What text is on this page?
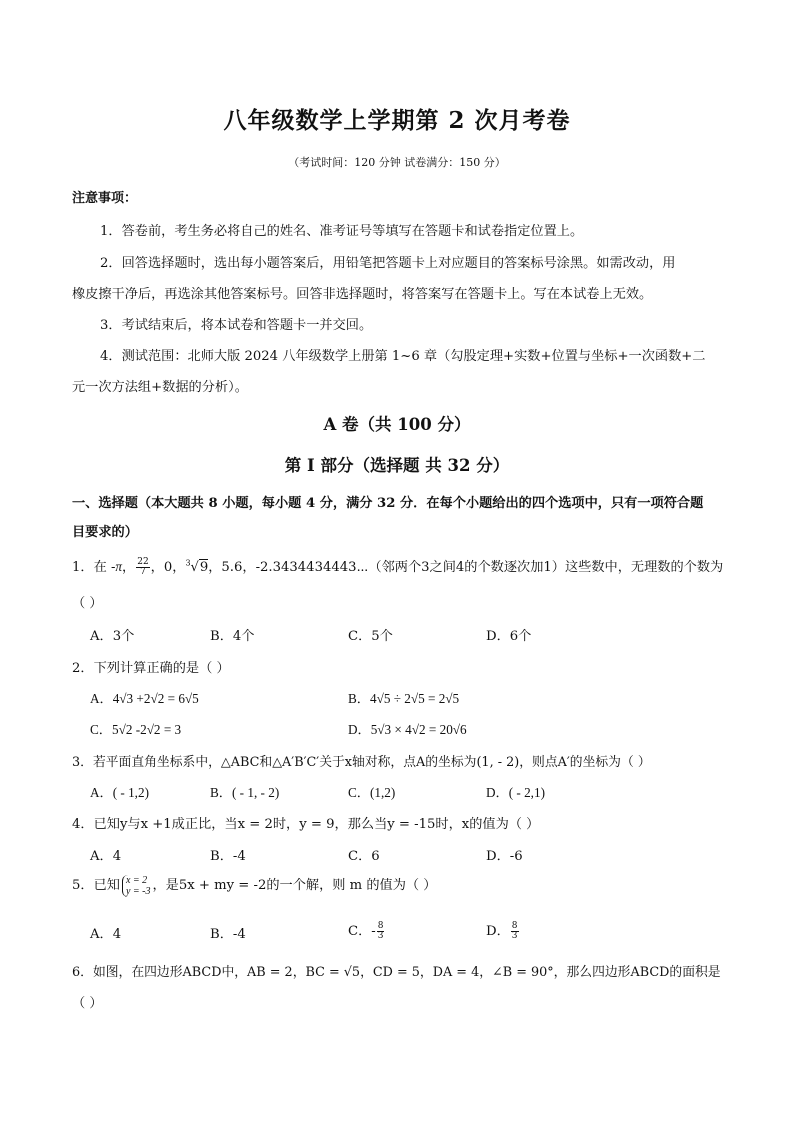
八年级数学上学期第 2 次月考卷
（考试时间：120 分钟 试卷满分：150 分）
注意事项：
1．答卷前，考生务必将自己的姓名、准考证号等填写在答题卡和试卷指定位置上。
2．回答选择题时，选出每小题答案后，用铅笔把答题卡上对应题目的答案标号涂黑。如需改动，用
橡皮擦干净后，再选涂其他答案标号。回答非选择题时，将答案写在答题卡上。写在本试卷上无效。
3．考试结束后，将本试卷和答题卡一并交回。
4．测试范围：北师大版 2024 八年级数学上册第 1~6 章（勾股定理+实数+位置与坐标+一次函数+二
元一次方法组+数据的分析）。
A 卷（共 100 分）
第 I 部分（选择题 共 32 分）
一、选择题（本大题共 8 小题，每小题 4 分，满分 32 分．在每个小题给出的四个选项中，只有一项符合题
目要求的）
1．在 -π， $\frac{22}{7}$ ，0，$^3$√9，5.6，-2.3434434443⋯（邻两个3之间4的个数逐次加1）这些数中，无理数的个数为
（ ）
A．3个	B．4个	C．5个	D．6个
2．下列计算正确的是（ ）
A．4√3 +2√2 = 6√5	B．4√5 ÷ 2√5 = 2√5
C．5√2 -2√2 = 3	D．5√3 × 4√2 = 20√6
3．若平面直角坐标系中，△ABC和△A′B′C′关于x轴对称，点A的坐标为(1, - 2)，则点A′的坐标为（ ）
A．( - 1,2)	B．( - 1, - 2)	C．(1,2)	D．( - 2,1)
4．已知y与x +1成正比，当x = 2时，y = 9，那么当y = -15时，x的值为（ ）
A．4	B．-4	C．6	D．-6
5．已知 x = 2
y = -3 ，是5x + my = -2的一个解，则 m 的值为（ ）
A．4	B．-4	C．- $\frac{8}{3}$	D． $\frac{8}{3}$
6．如图，在四边形ABCD中，AB = 2，BC = √5，CD = 5，DA = 4，∠B = 90°，那么四边形ABCD的面积是
（ ）
